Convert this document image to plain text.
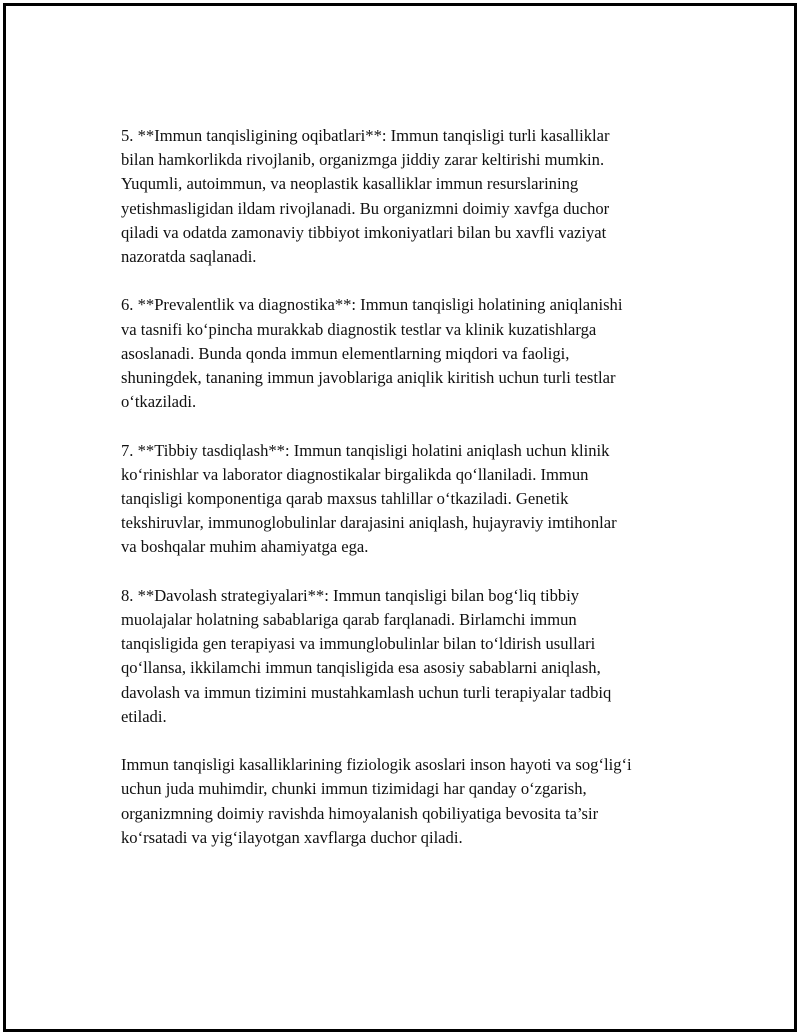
5. **Immun tanqisligining oqibatlari**: Immun tanqisligi turli kasalliklar
bilan hamkorlikda rivojlanib, organizmga jiddiy zarar keltirishi mumkin.
Yuqumli, autoimmun, va neoplastik kasalliklar immun resurslarining
yetishmasligidan ildam rivojlanadi. Bu organizmni doimiy xavfga duchor
qiladi va odatda zamonaviy tibbiyot imkoniyatlari bilan bu xavfli vaziyat
nazoratda saqlanadi.

6. **Prevalentlik va diagnostika**: Immun tanqisligi holatining aniqlanishi
va tasnifi ko‘pincha murakkab diagnostik testlar va klinik kuzatishlarga
asoslanadi. Bunda qonda immun elementlarning miqdori va faoligi,
shuningdek, tananing immun javoblariga aniqlik kiritish uchun turli testlar
o‘tkaziladi.

7. **Tibbiy tasdiqlash**: Immun tanqisligi holatini aniqlash uchun klinik
ko‘rinishlar va laborator diagnostikalar birgalikda qo‘llaniladi. Immun
tanqisligi komponentiga qarab maxsus tahlillar o‘tkaziladi. Genetik
tekshiruvlar, immunoglobulinlar darajasini aniqlash, hujayraviy imtihonlar
va boshqalar muhim ahamiyatga ega.

8. **Davolash strategiyalari**: Immun tanqisligi bilan bog‘liq tibbiy
muolajalar holatning sabablariga qarab farqlanadi. Birlamchi immun
tanqisligida gen terapiyasi va immunglobulinlar bilan to‘ldirish usullari
qo‘llansa, ikkilamchi immun tanqisligida esa asosiy sabablarni aniqlash,
davolash va immun tizimini mustahkamlash uchun turli terapiyalar tadbiq
etiladi.

Immun tanqisligi kasalliklarining fiziologik asoslari inson hayoti va sog‘lig‘i
uchun juda muhimdir, chunki immun tizimidagi har qanday o‘zgarish,
organizmning doimiy ravishda himoyalanish qobiliyatiga bevosita ta’sir
ko‘rsatadi va yig‘ilayotgan xavflarga duchor qiladi.
